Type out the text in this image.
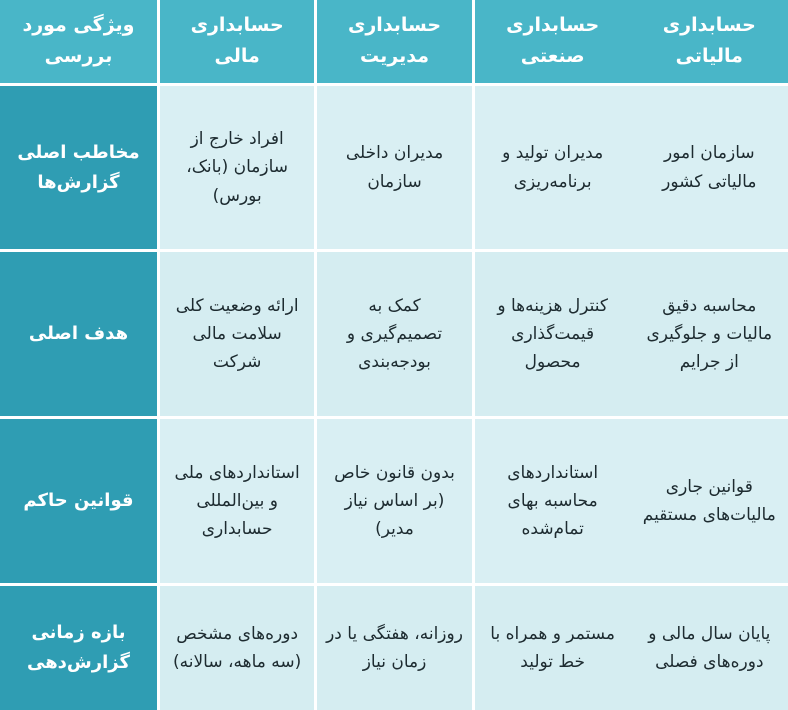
حسابداری مالیاتی	حسابداری صنعتی	حسابداری مدیریت	حسابداری مالی	ویژگی مورد بررسی
سازمان امور مالیاتی کشور	مدیران تولید و برنامه‌ریزی	مدیران داخلی سازمان	افراد خارج از سازمان (بانک، بورس)	مخاطب اصلی گزارش‌ها
محاسبه دقیق مالیات و جلوگیری از جرایم	کنترل هزینه‌ها و قیمت‌گذاری محصول	کمک به تصمیم‌گیری و بودجه‌بندی	ارائه وضعیت کلی سلامت مالی شرکت	هدف اصلی
قوانین جاری مالیات‌های مستقیم	استانداردهای محاسبه بهای تمام‌شده	بدون قانون خاص (بر اساس نیاز مدیر)	استانداردهای ملی و بین‌المللی حسابداری	قوانین حاکم
پایان سال مالی و دوره‌های فصلی	مستمر و همراه با خط تولید	روزانه، هفتگی یا در زمان نیاز	دوره‌های مشخص (سه ماهه، سالانه)	بازه زمانی گزارش‌دهی
